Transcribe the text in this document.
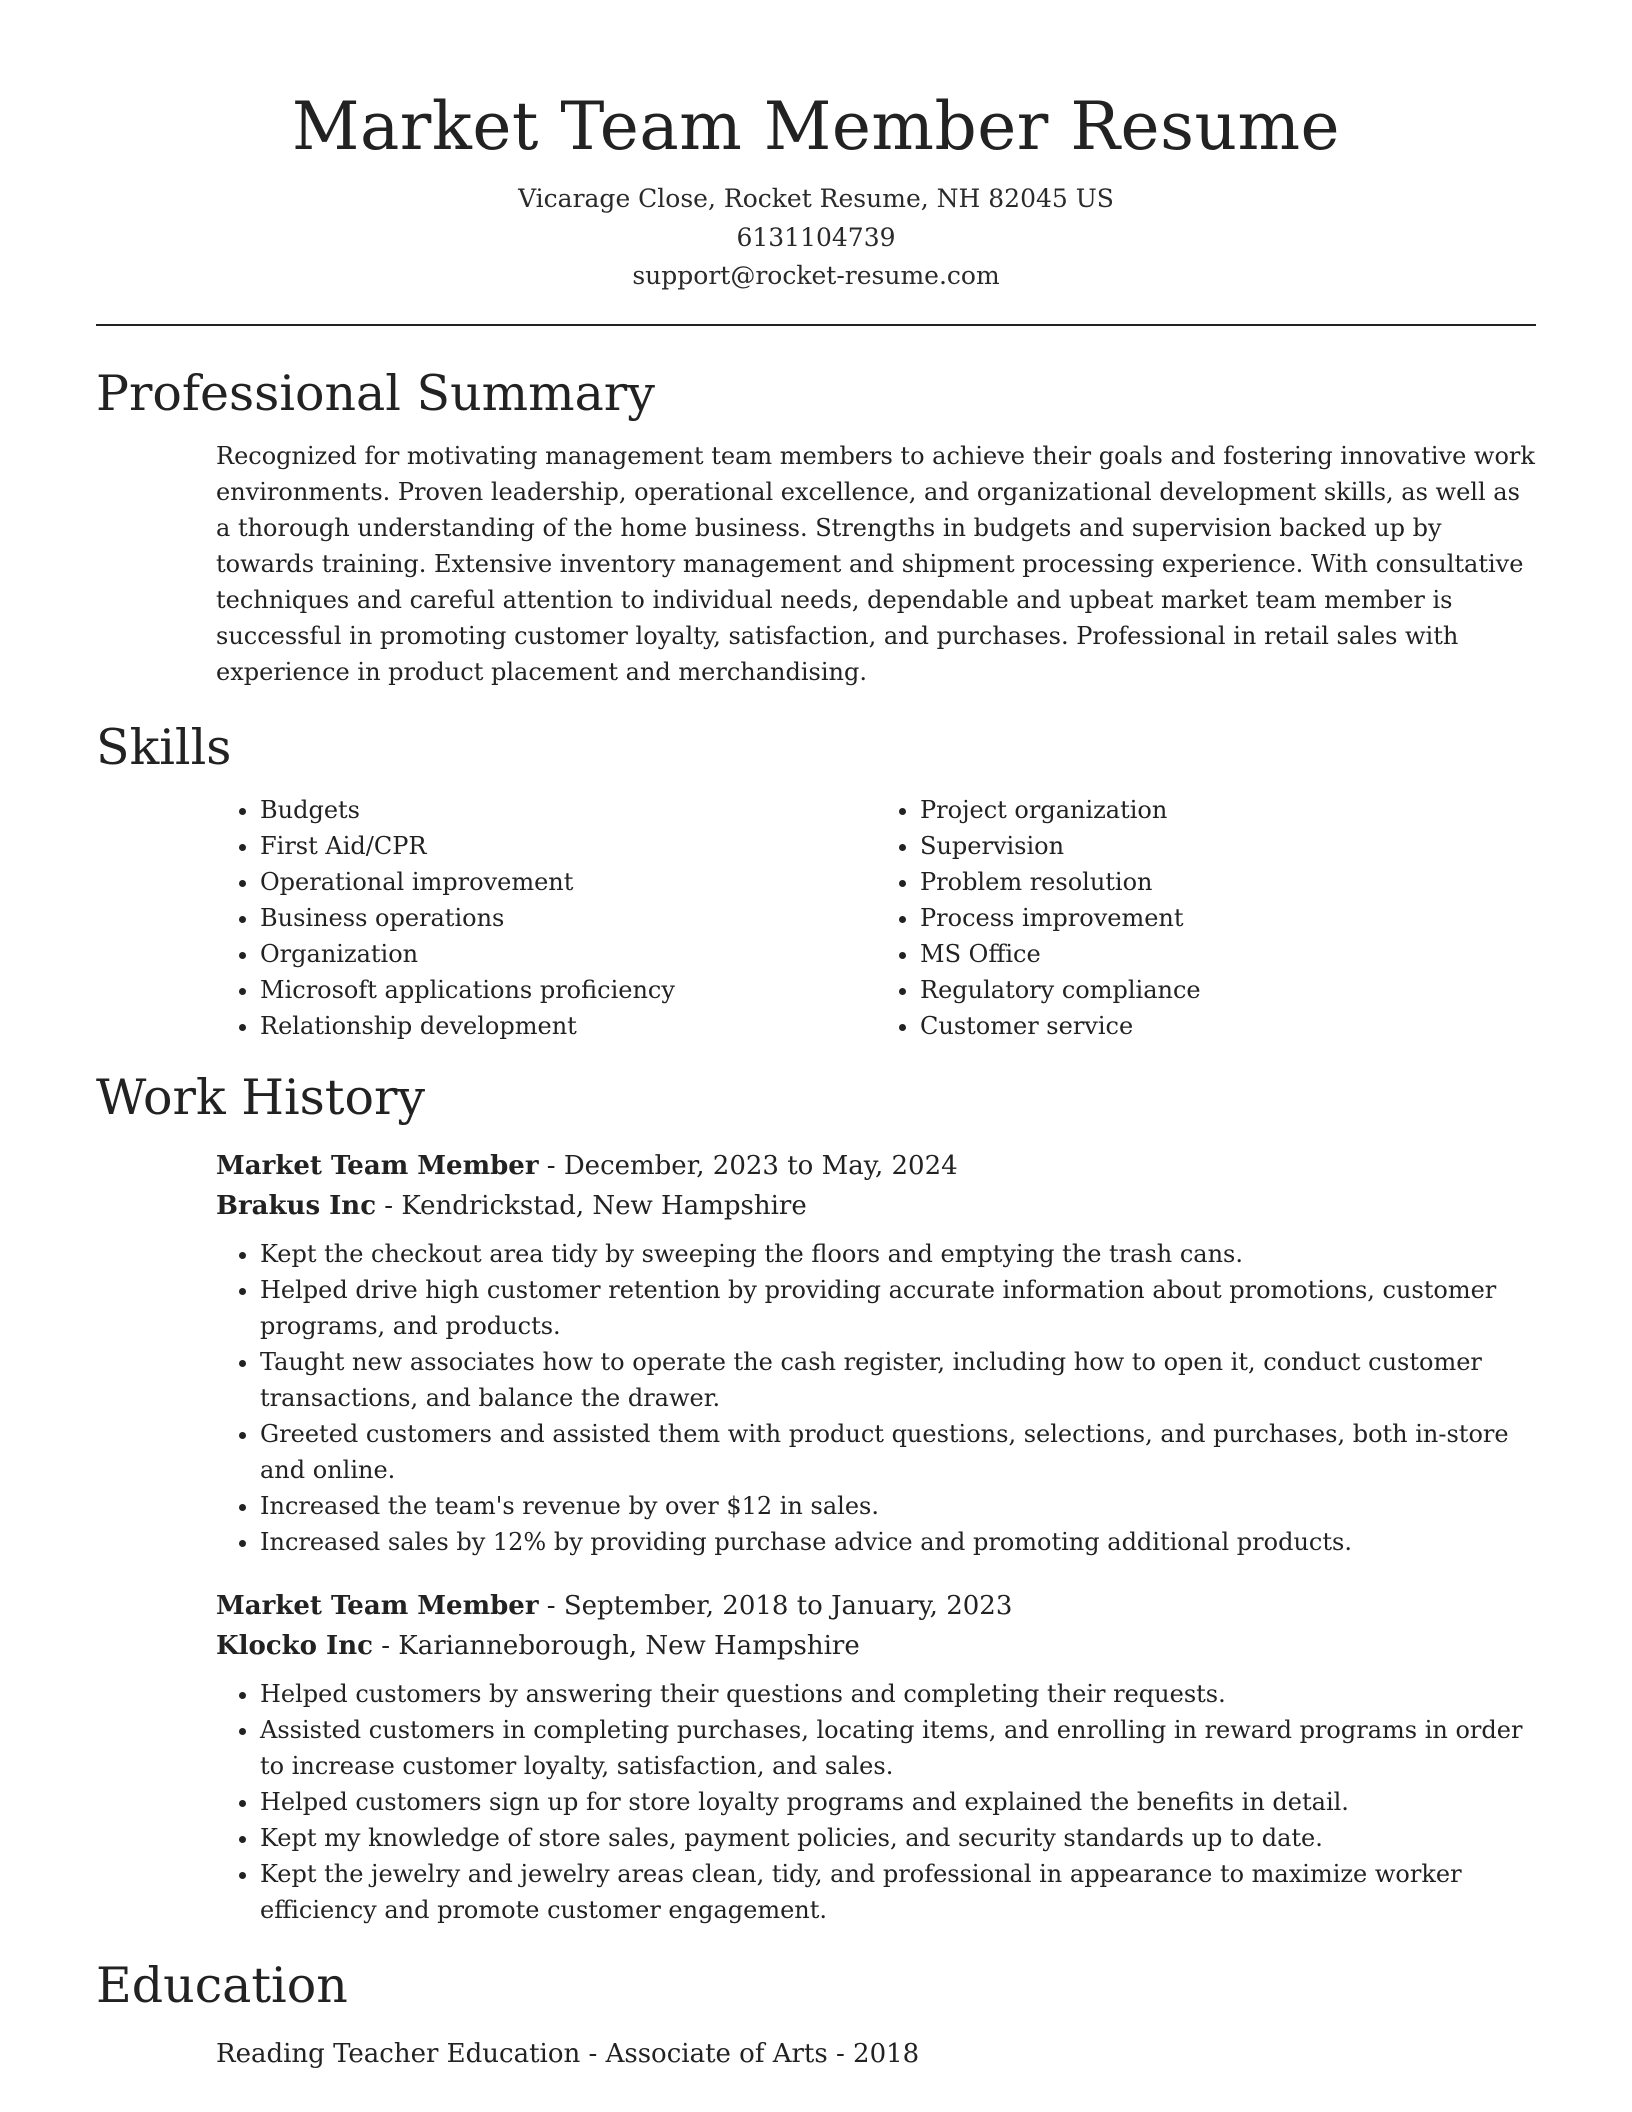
Market Team Member Resume
Vicarage Close, Rocket Resume, NH 82045 US
6131104739
support@rocket-resume.com
Professional Summary

Recognized for motivating management team members to achieve their goals and fostering innovative work environments. Proven leadership, operational excellence, and organizational development skills, as well as a thorough understanding of the home business. Strengths in budgets and supervision backed up by towards training. Extensive inventory management and shipment processing experience. With consultative techniques and careful attention to individual needs, dependable and upbeat market team member is successful in promoting customer loyalty, satisfaction, and purchases. Professional in retail sales with experience in product placement and merchandising.

Skills
• Budgets
• First Aid/CPR
• Operational improvement
• Business operations
• Organization
• Microsoft applications proficiency
• Relationship development
• Project organization
• Supervision
• Problem resolution
• Process improvement
• MS Office
• Regulatory compliance
• Customer service
Work History
Market Team Member - December, 2023 to May, 2024
Brakus Inc - Kendrickstad, New Hampshire
• Kept the checkout area tidy by sweeping the floors and emptying the trash cans.
• Helped drive high customer retention by providing accurate information about promotions, customer programs, and products.
• Taught new associates how to operate the cash register, including how to open it, conduct customer transactions, and balance the drawer.
• Greeted customers and assisted them with product questions, selections, and purchases, both in-store and online.
• Increased the team's revenue by over $12 in sales.
• Increased sales by 12% by providing purchase advice and promoting additional products.
Market Team Member - September, 2018 to January, 2023
Klocko Inc - Karianneborough, New Hampshire
• Helped customers by answering their questions and completing their requests.
• Assisted customers in completing purchases, locating items, and enrolling in reward programs in order to increase customer loyalty, satisfaction, and sales.
• Helped customers sign up for store loyalty programs and explained the benefits in detail.
• Kept my knowledge of store sales, payment policies, and security standards up to date.
• Kept the jewelry and jewelry areas clean, tidy, and professional in appearance to maximize worker efficiency and promote customer engagement.
Education
Reading Teacher Education - Associate of Arts - 2018
